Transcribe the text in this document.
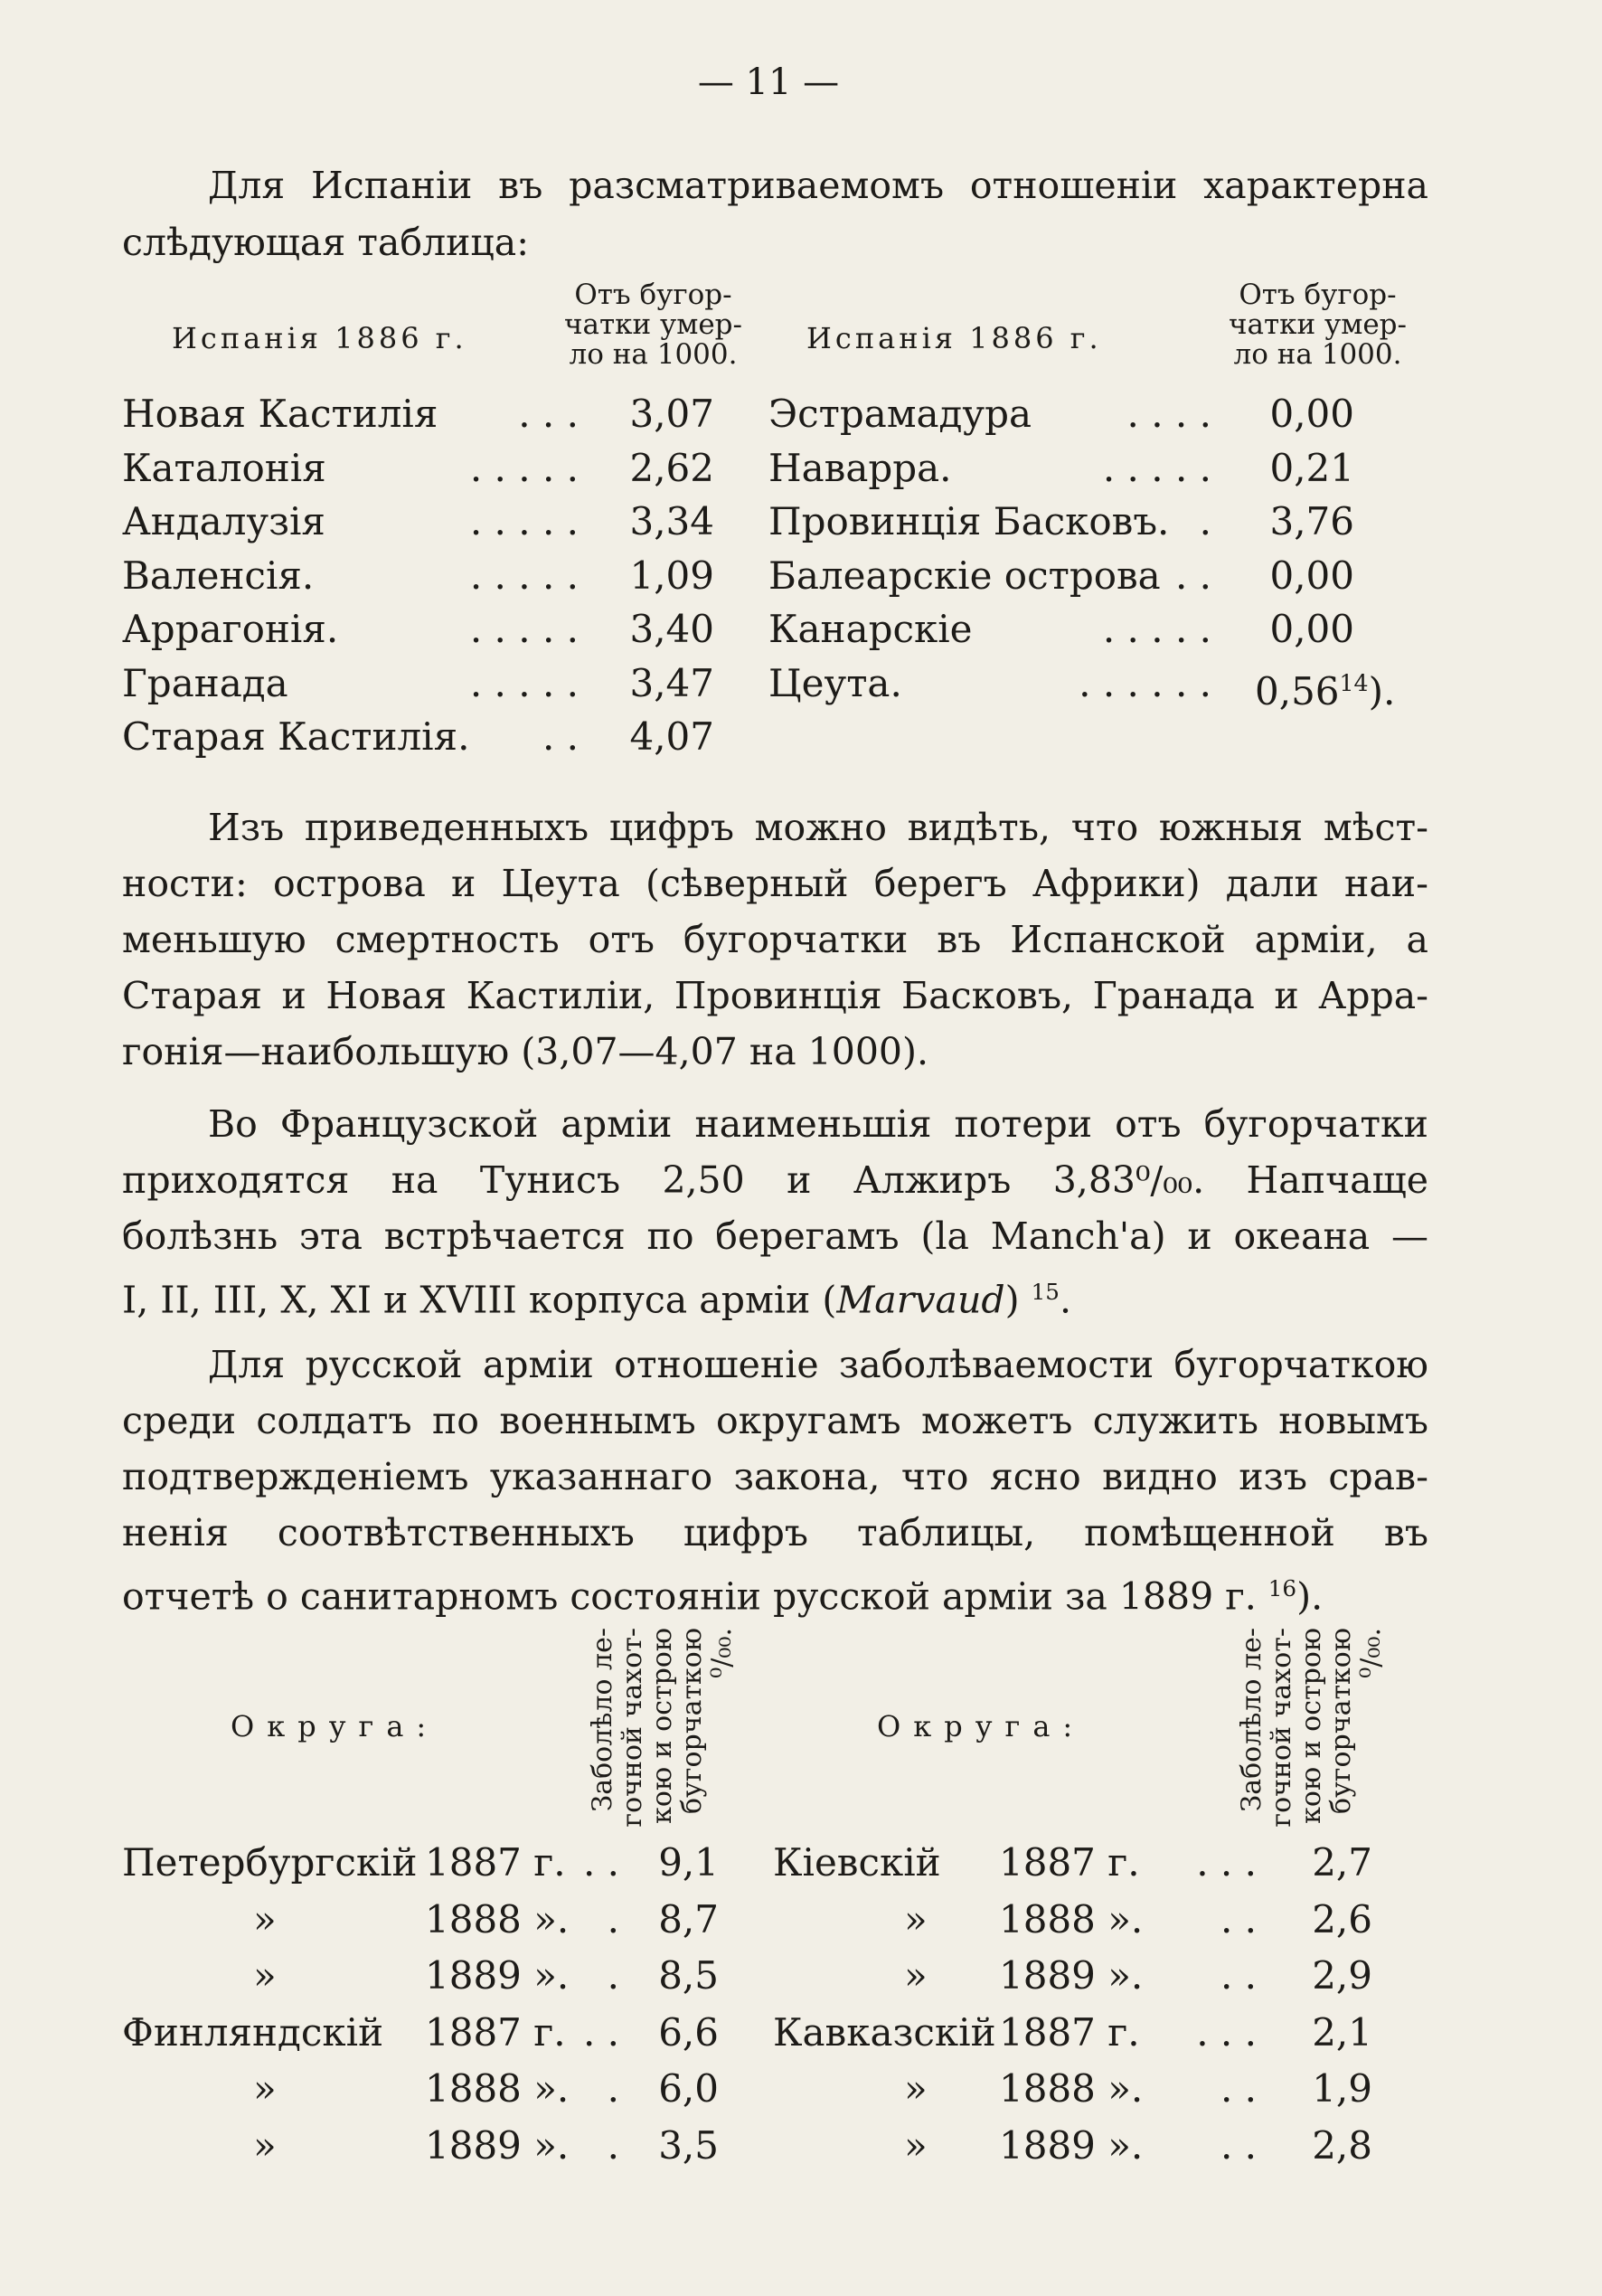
— 11 —
Для Испаніи въ разсматриваемомъ отношеніи характерна
слѣдующая таблица:
Испанія 1886 г.
Отъ бугор-
чатки умер-
ло на 1000.	Испанія 1886 г.
Отъ бугор-
чатки умер-
ло на 1000.
Новая Кастилія . . .	3,07
Каталонія	. . . . .	2,62
Андалузія	. . . . .	3,34
Валенсія.	. . . . .	1,09
Аррагонія.	. . . . .	3,40
Гранада	. . . . .	3,47
Старая Кастилія. . .	4,07
Эстрамадура	. . . .	0,00
Наварра.	. . . . .	0,21
Провинція Басковъ. .	3,76
Балеарскіе острова . .	0,00
Канарскіе	. . . . .	0,00
Цеута.	. . . . . . 0,56$^{14}$).
Изъ приведенныхъ цифръ можно видѣть, что южныя мѣст-
ности: острова и Цеута (сѣверный берегъ Африки) дали наи-
меньшую смертность отъ бугорчатки въ Испанской арміи, а
Старая и Новая Кастиліи, Провинція Басковъ, Гранада и Арра-
гонія—наибольшую (3,07—4,07 на 1000).
Во Французской арміи наименьшія потери отъ бугорчатки
приходятся на Тунисъ 2,50 и Алжиръ 3,83⁰/₀₀. Напчаще
болѣзнь эта встрѣчается по берегамъ (la Manch'a) и океана —
I, II, III, X, XI и XVIII корпуса арміи (Marvaud) $^{15}$.
Для русской арміи отношеніе заболѣваемости бугорчаткою
среди солдатъ по военнымъ округамъ можетъ служить новымъ
подтвержденіемъ указаннаго закона, что ясно видно изъ срав-
ненія соотвѣтственныхъ цифръ таблицы, помѣщенной въ
отчетѣ о санитарномъ состояніи русской арміи за 1889 г. $^{16}$).
Округа:	Заболѣло ле-
гочной чахот-
кою и острою
бугорчаткою
⁰/₀₀.
Округа:	Заболѣло ле-
гочной чахот-
кою и острою
бугорчаткою
⁰/₀₀.
Петербургскій 1887 г. . .	9,1
»	1888 ». .	8,7
»	1889 ». .	8,5
Финляндскій 1887 г. . .	6,6
»	1888 ». .	6,0
»	1889 ». .	3,5
Кіевскій 1887 г. . . .	2,7
» 1888 ». . .	2,6
» 1889 ». . .	2,9
Кавказскій 1887 г. . . .	2,1
» 1888 ». . .	1,9
» 1889 ». . .	2,8
